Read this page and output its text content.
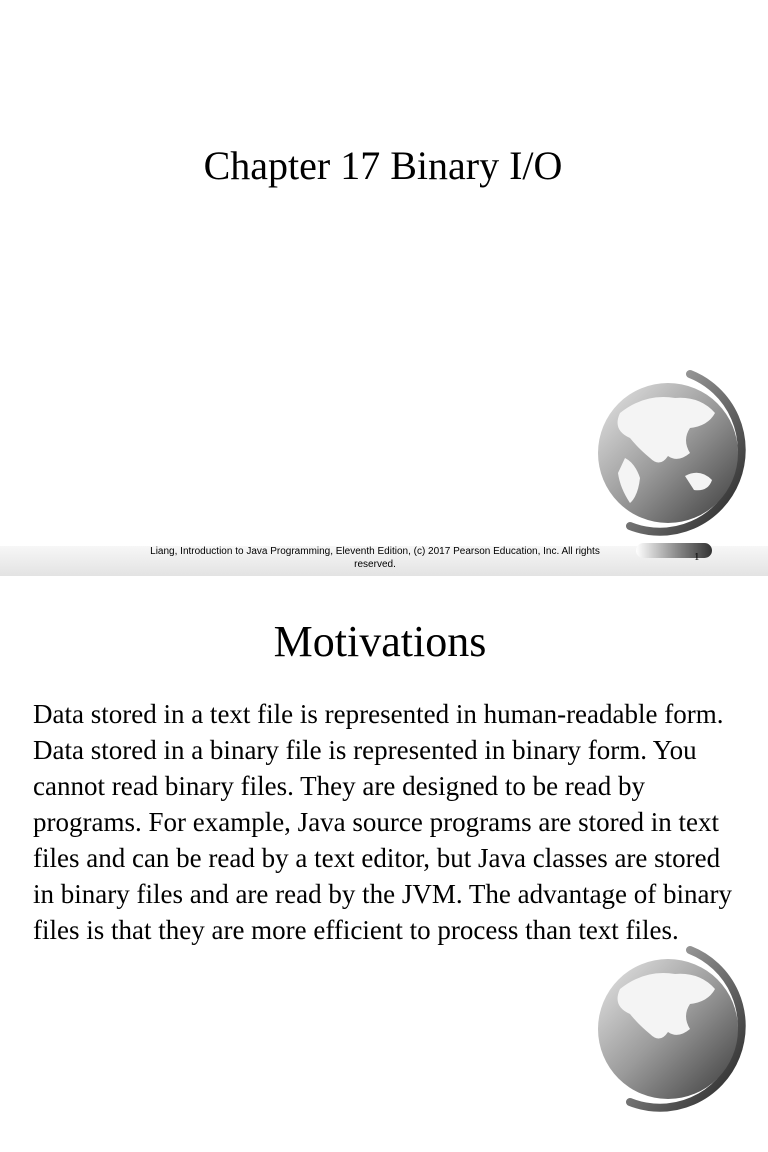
Chapter 17 Binary I/O
Liang, Introduction to Java Programming, Eleventh Edition, (c) 2017 Pearson Education, Inc. All rights reserved.
1
Motivations

Data stored in a text file is represented in human-readable form. Data stored in a binary file is represented in binary form. You cannot read binary files. They are designed to be read by programs. For example, Java source programs are stored in text files and can be read by a text editor, but Java classes are stored in binary files and are read by the JVM. The advantage of binary files is that they are more efficient to process than text files.
